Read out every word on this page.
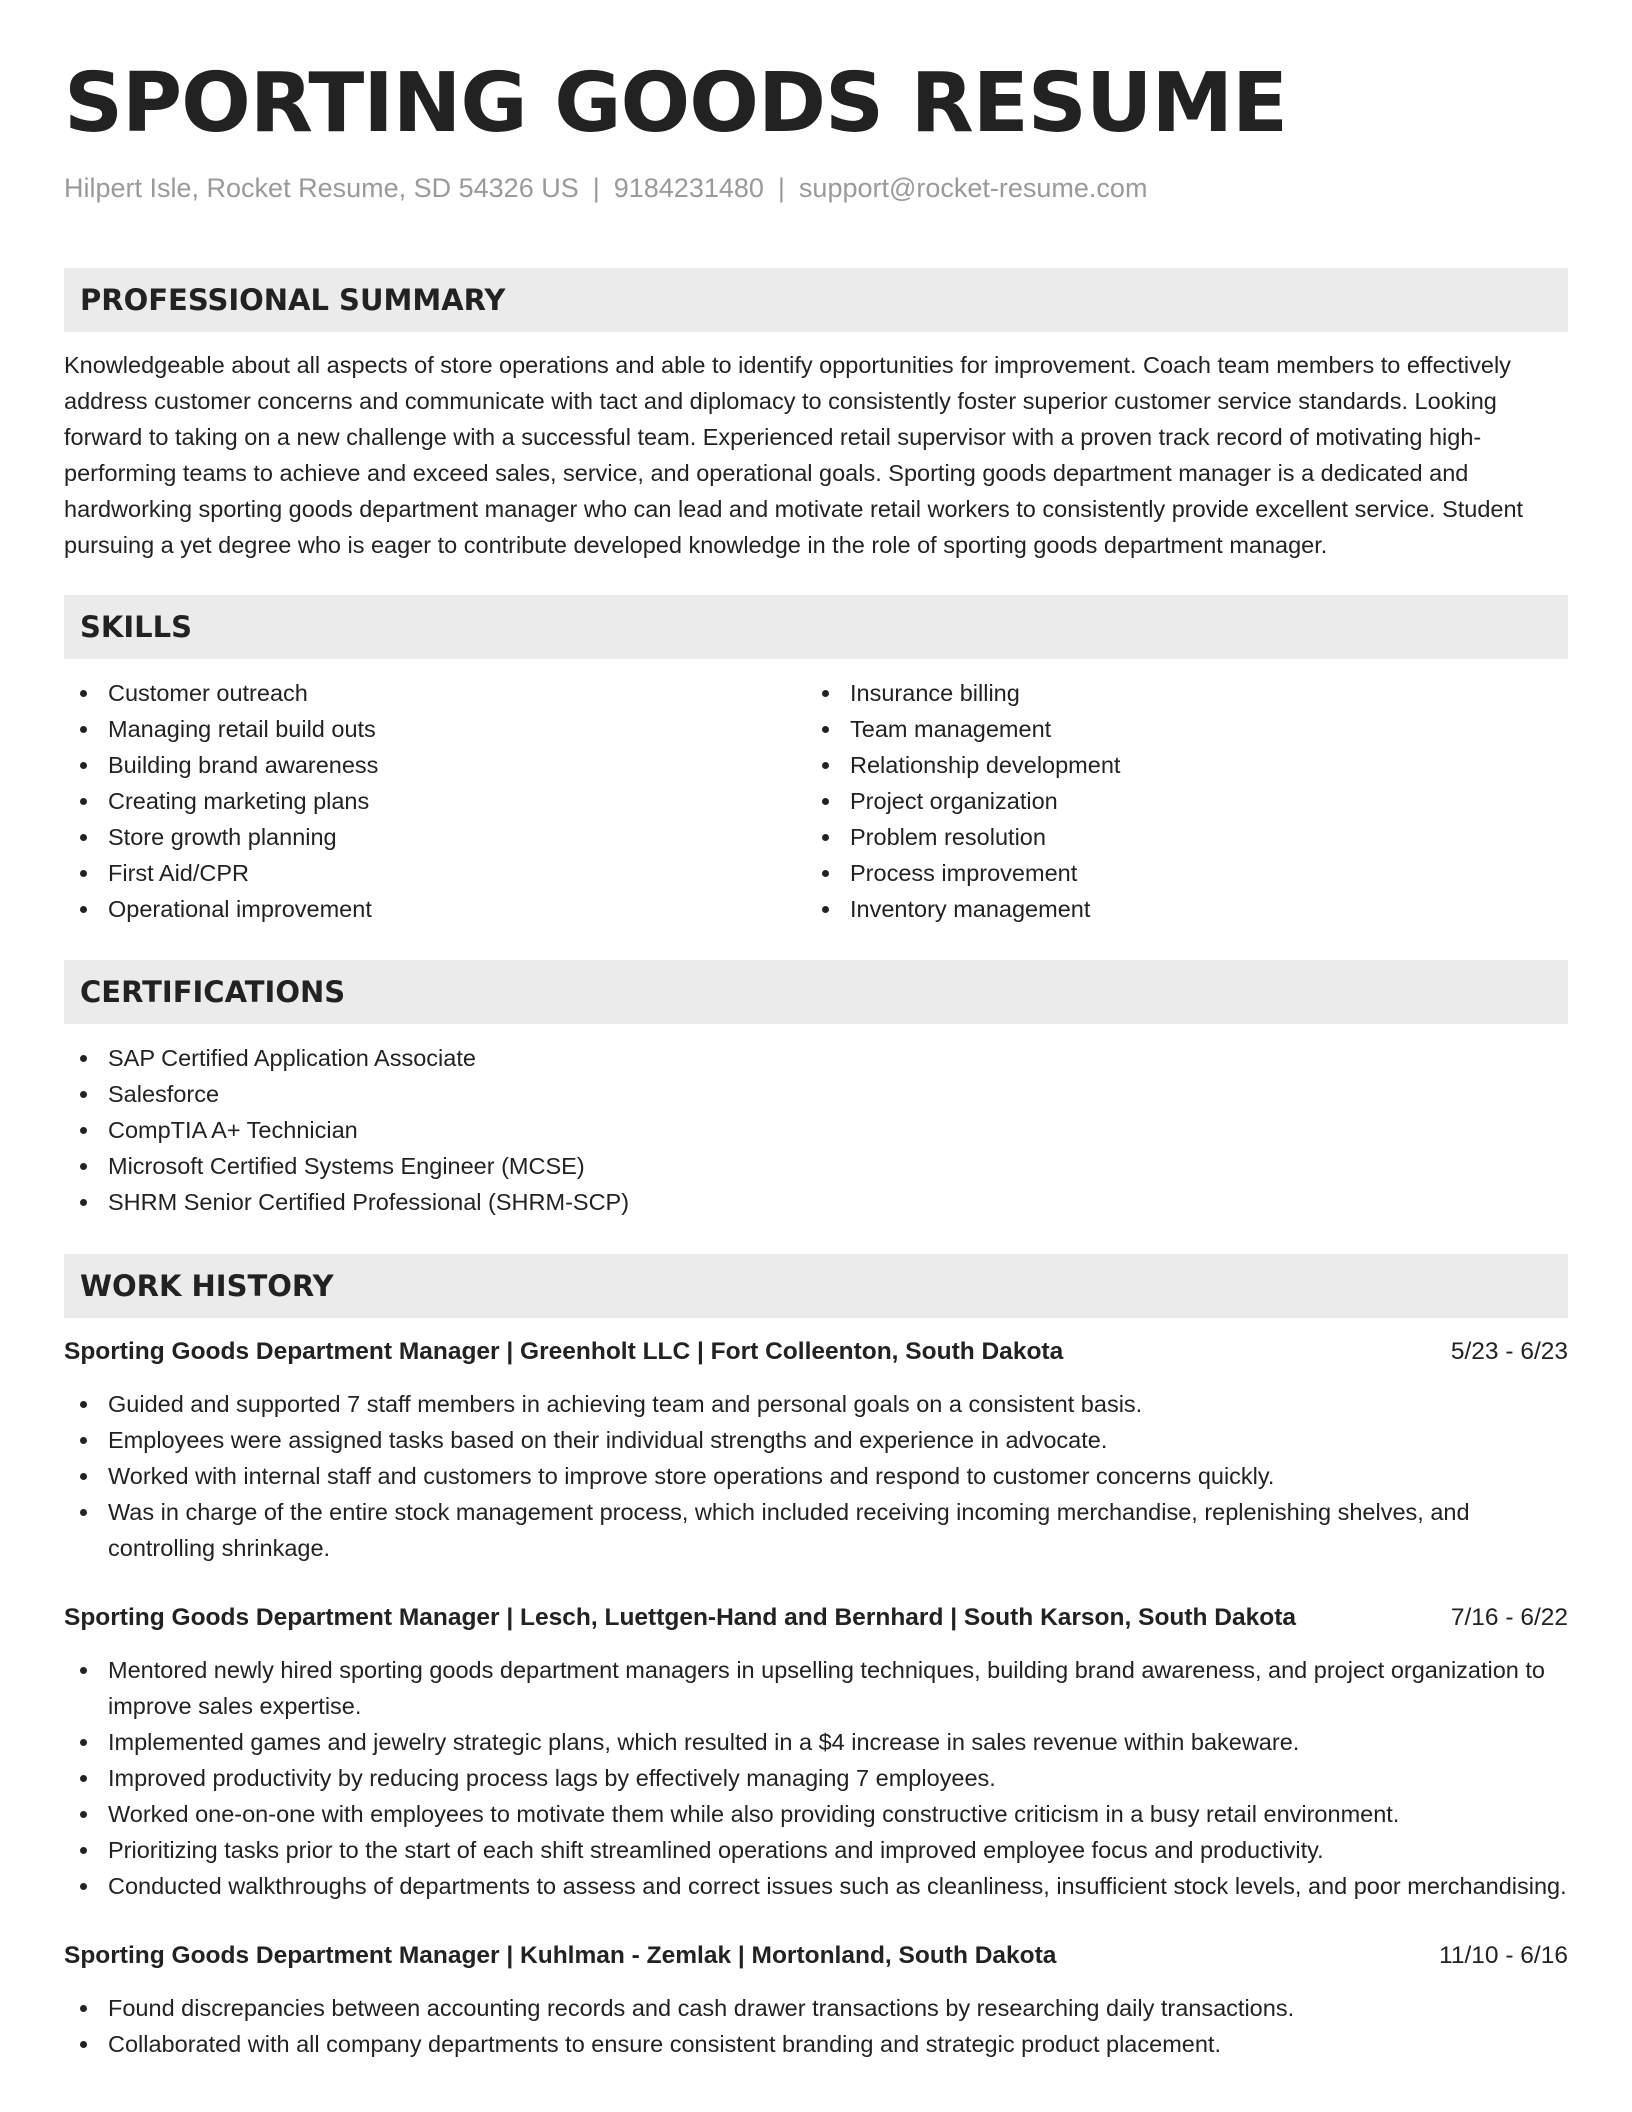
SPORTING GOODS RESUME
Hilpert Isle, Rocket Resume, SD 54326 US | 9184231480 | support@rocket-resume.com
PROFESSIONAL SUMMARY

Knowledgeable about all aspects of store operations and able to identify opportunities for improvement. Coach team members to effectively address customer concerns and communicate with tact and diplomacy to consistently foster superior customer service standards. Looking forward to taking on a new challenge with a successful team. Experienced retail supervisor with a proven track record of motivating high-performing teams to achieve and exceed sales, service, and operational goals. Sporting goods department manager is a dedicated and hardworking sporting goods department manager who can lead and motivate retail workers to consistently provide excellent service. Student pursuing a yet degree who is eager to contribute developed knowledge in the role of sporting goods department manager.

SKILLS
Customer outreach
Managing retail build outs
Building brand awareness
Creating marketing plans
Store growth planning
First Aid/CPR
Operational improvement
Insurance billing
Team management
Relationship development
Project organization
Problem resolution
Process improvement
Inventory management
CERTIFICATIONS
SAP Certified Application Associate
Salesforce
CompTIA A+ Technician
Microsoft Certified Systems Engineer (MCSE)
SHRM Senior Certified Professional (SHRM-SCP)
WORK HISTORY
Sporting Goods Department Manager | Greenholt LLC | Fort Colleenton, South Dakota	5/23 - 6/23
Guided and supported 7 staff members in achieving team and personal goals on a consistent basis.
Employees were assigned tasks based on their individual strengths and experience in advocate.
Worked with internal staff and customers to improve store operations and respond to customer concerns quickly.
Was in charge of the entire stock management process, which included receiving incoming merchandise, replenishing shelves, and controlling shrinkage.
Sporting Goods Department Manager | Lesch, Luettgen-Hand and Bernhard | South Karson, South Dakota	7/16 - 6/22
Mentored newly hired sporting goods department managers in upselling techniques, building brand awareness, and project organization to improve sales expertise.
Implemented games and jewelry strategic plans, which resulted in a $4 increase in sales revenue within bakeware.
Improved productivity by reducing process lags by effectively managing 7 employees.
Worked one-on-one with employees to motivate them while also providing constructive criticism in a busy retail environment.
Prioritizing tasks prior to the start of each shift streamlined operations and improved employee focus and productivity.
Conducted walkthroughs of departments to assess and correct issues such as cleanliness, insufficient stock levels, and poor merchandising.
Sporting Goods Department Manager | Kuhlman - Zemlak | Mortonland, South Dakota	11/10 - 6/16
Found discrepancies between accounting records and cash drawer transactions by researching daily transactions.
Collaborated with all company departments to ensure consistent branding and strategic product placement.
